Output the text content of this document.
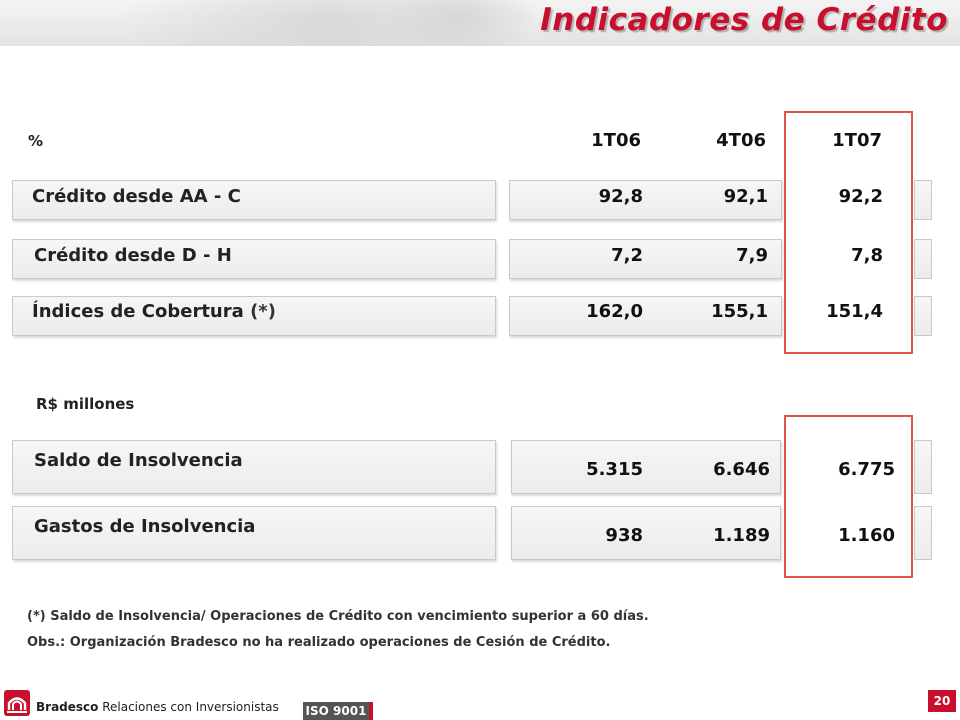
Indicadores de Crédito
%	1T06	4T06	1T07
Crédito desde AA - C	92,8	92,1	92,2
Crédito desde D - H	7,2	7,9	7,8
Índices de Cobertura (*)	162,0	155,1	151,4
R$ millones
Saldo de Insolvencia	5.315	6.646	6.775
Gastos de Insolvencia	938	1.189	1.160
(*) Saldo de Insolvencia/ Operaciones de Crédito con vencimiento superior a 60 días.
Obs.: Organización Bradesco no ha realizado operaciones de Cesión de Crédito.
Bradesco Relaciones con Inversionistas ISO 9001
20
